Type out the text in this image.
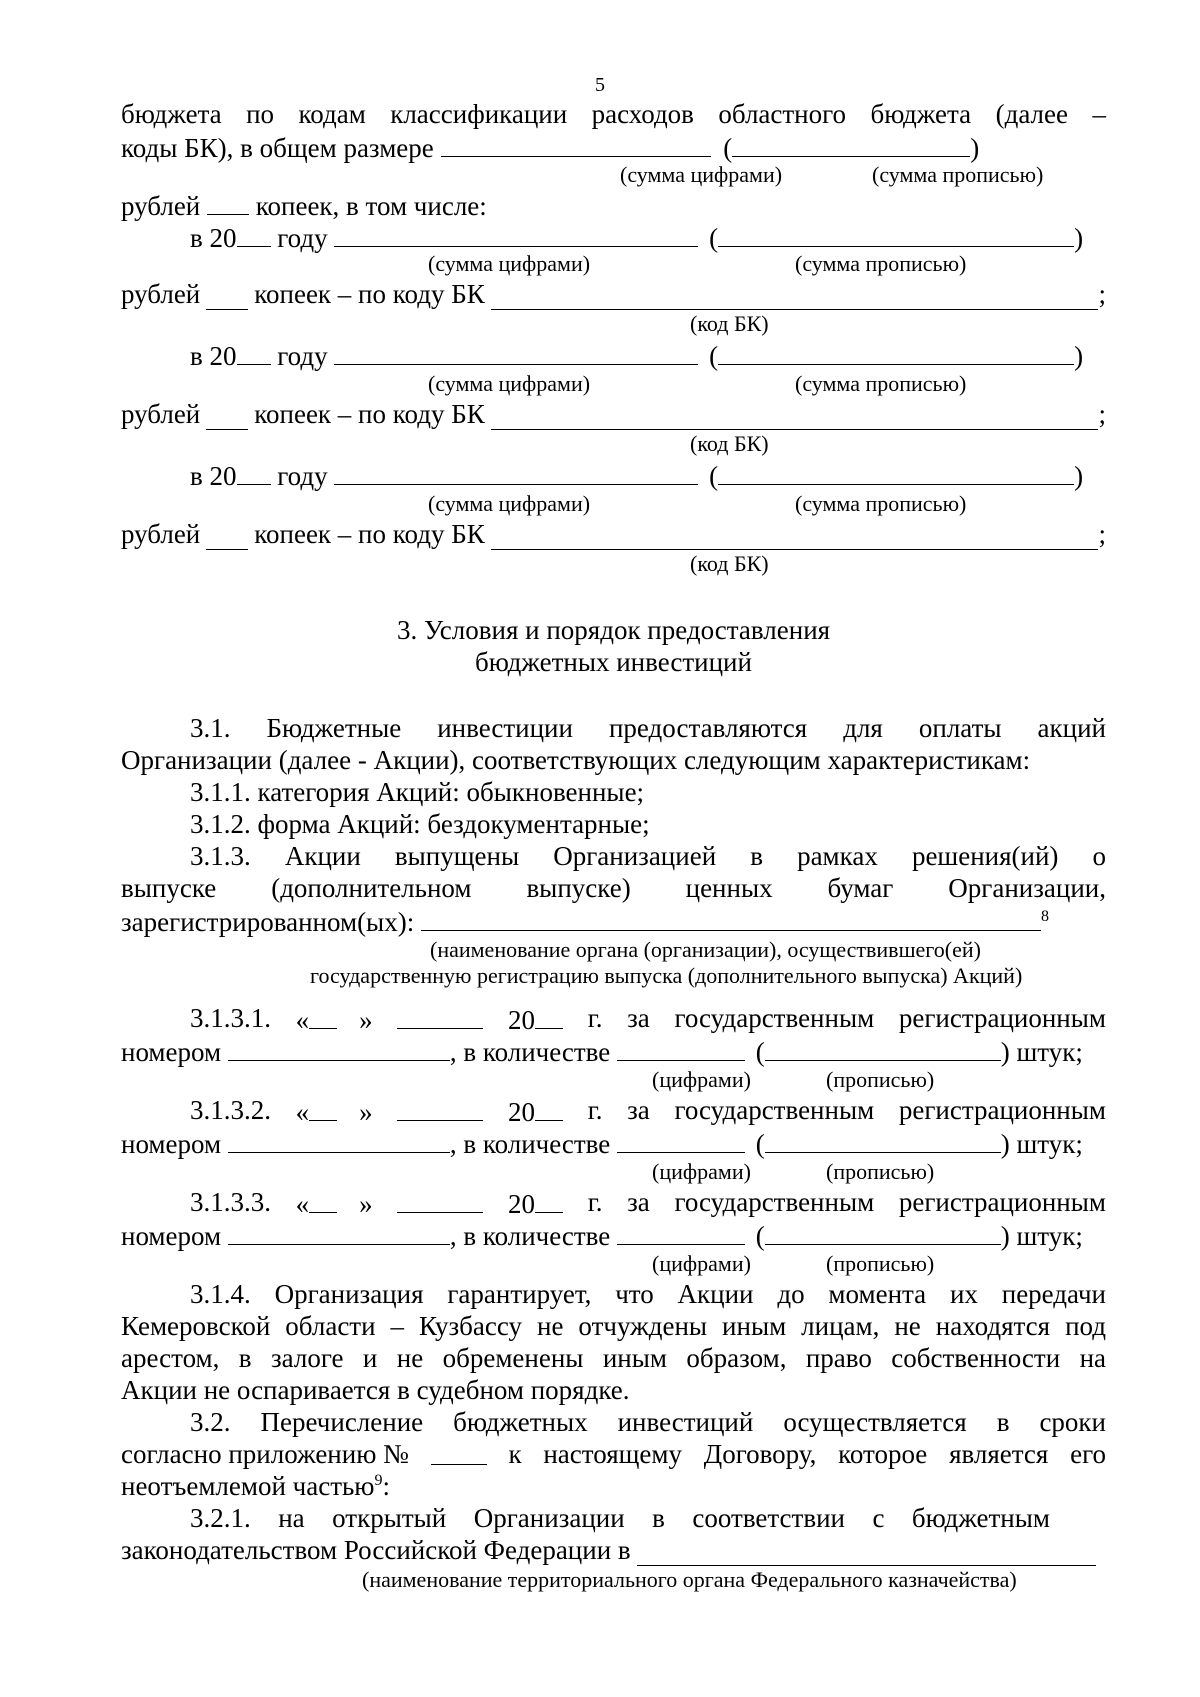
5
бюджета по кодам классификации расходов областного бюджета (далее –
коды БК), в общем размере	(	)
(сумма цифрами)	(сумма прописью)
рублей копеек, в том числе:
в 20 году	(	)
(сумма цифрами)	(сумма прописью)
рублей копеек – по коду БК	;
(код БК)
в 20 году	(	)
(сумма цифрами)	(сумма прописью)
рублей копеек – по коду БК	;
(код БК)
в 20 году	(	)
(сумма цифрами)	(сумма прописью)
рублей копеек – по коду БК	;
(код БК)
3. Условия и порядок предоставления
бюджетных инвестиций
3.1. Бюджетные инвестиции предоставляются для оплаты акций
Организации (далее - Акции), соответствующих следующим характеристикам:
3.1.1. категория Акций: обыкновенные;
3.1.2. форма Акций: бездокументарные;
3.1.3. Акции выпущены Организацией в рамках решения(ий) о
выпуске (дополнительном выпуске) ценных бумаг Организации,
зарегистрированном(ых):	$^8$
(наименование органа (организации), осуществившего(ей)
государственную регистрацию выпуска (дополнительного выпуска) Акций)
3.1.3.1. « »	20	г. за государственным регистрационным
номером	, в количестве	(	) штук;
(цифрами)	(прописью)
3.1.3.2. « »	20	г. за государственным регистрационным
номером	, в количестве	(	) штук;
(цифрами)	(прописью)
3.1.3.3. « »	20	г. за государственным регистрационным
номером	, в количестве	(	) штук;
(цифрами)	(прописью)
3.1.4. Организация гарантирует, что Акции до момента их передачи
Кемеровской области – Кузбассу не отчуждены иным лицам, не находятся под
арестом, в залоге и не обременены иным образом, право собственности на
Акции не оспаривается в судебном порядке.
3.2. Перечисление бюджетных инвестиций осуществляется в сроки
согласно приложению №	к настоящему Договору, которое является его
неотъемлемой частью$^9$:
3.2.1. на открытый Организации в соответствии с бюджетным
законодательством Российской Федерации в
(наименование территориального органа Федерального казначейства)
